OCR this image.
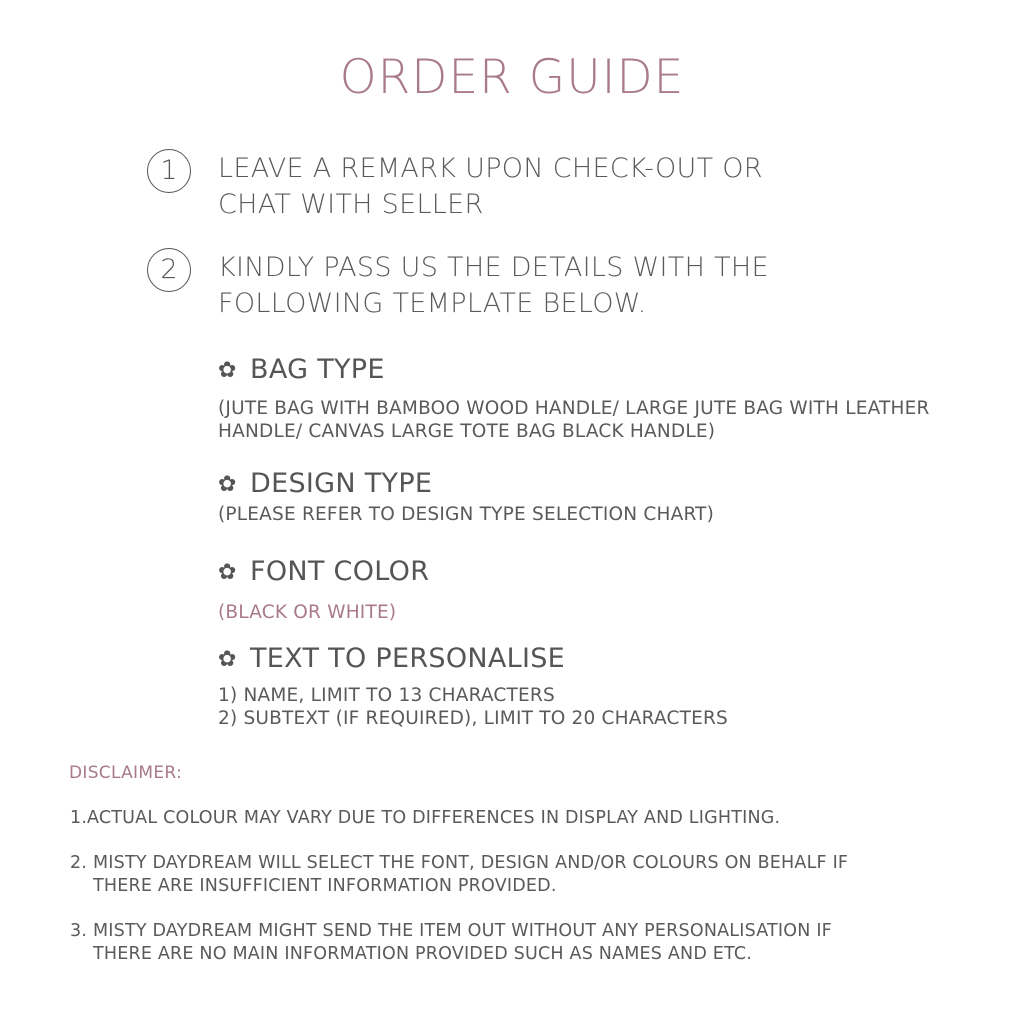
ORDER GUIDE
1	LEAVE A REMARK UPON CHECK-OUT OR
CHAT WITH SELLER
2	KINDLY PASS US THE DETAILS WITH THE
FOLLOWING TEMPLATE BELOW.
✿ BAG TYPE
(JUTE BAG WITH BAMBOO WOOD HANDLE/ LARGE JUTE BAG WITH LEATHER
HANDLE/ CANVAS LARGE TOTE BAG BLACK HANDLE)
✿ DESIGN TYPE
(PLEASE REFER TO DESIGN TYPE SELECTION CHART)
✿ FONT COLOR
(BLACK OR WHITE)
✿ TEXT TO PERSONALISE
1) NAME, LIMIT TO 13 CHARACTERS
2) SUBTEXT (IF REQUIRED), LIMIT TO 20 CHARACTERS
DISCLAIMER:
1. ACTUAL COLOUR MAY VARY DUE TO DIFFERENCES IN DISPLAY AND LIGHTING.
2. MISTY DAYDREAM WILL SELECT THE FONT, DESIGN AND/OR COLOURS ON BEHALF IF
THERE ARE INSUFFICIENT INFORMATION PROVIDED.
3. MISTY DAYDREAM MIGHT SEND THE ITEM OUT WITHOUT ANY PERSONALISATION IF
THERE ARE NO MAIN INFORMATION PROVIDED SUCH AS NAMES AND ETC.
